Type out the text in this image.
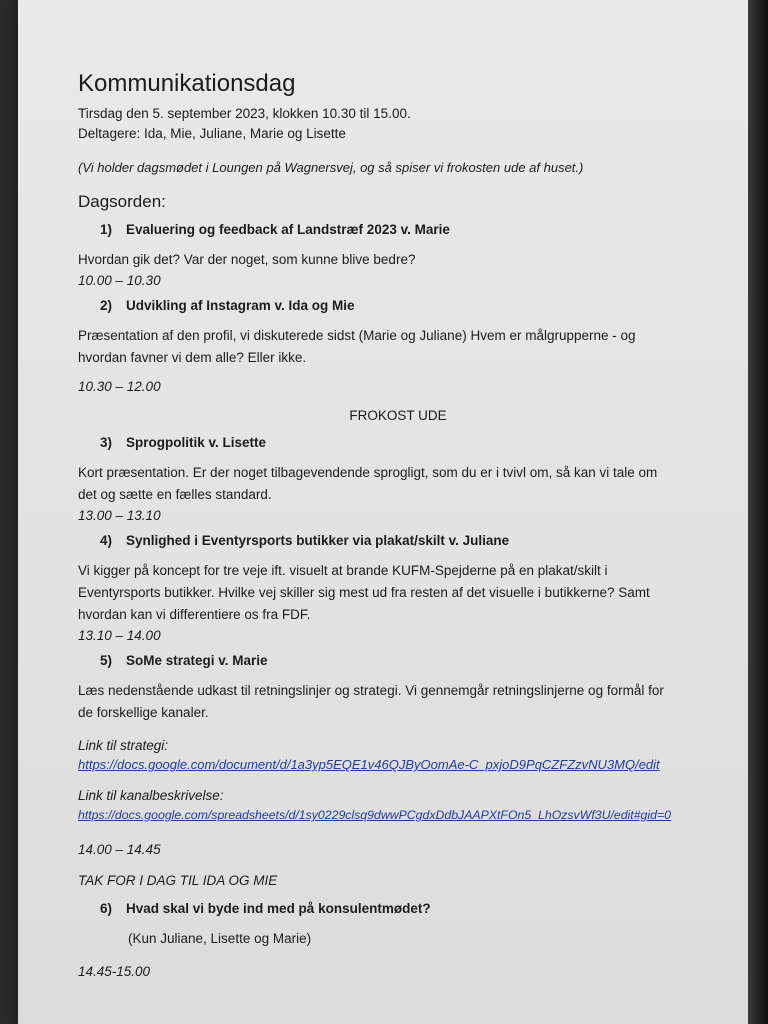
Kommunikationsdag
Tirsdag den 5. september 2023, klokken 10.30 til 15.00.
Deltagere: Ida, Mie, Juliane, Marie og Lisette
(Vi holder dagsmødet i Loungen på Wagnersvej, og så spiser vi frokosten ude af huset.)
Dagsorden:
1)	Evaluering og feedback af Landstræf 2023 v. Marie
Hvordan gik det? Var der noget, som kunne blive bedre?
10.00 – 10.30
2)	Udvikling af Instagram v. Ida og Mie
Præsentation af den profil, vi diskuterede sidst (Marie og Juliane) Hvem er målgrupperne - og hvordan favner vi dem alle? Eller ikke.
10.30 – 12.00
FROKOST UDE
3)	Sprogpolitik v. Lisette
Kort præsentation. Er der noget tilbagevendende sprogligt, som du er i tvivl om, så kan vi tale om det og sætte en fælles standard.
13.00 – 13.10
4)	Synlighed i Eventyrsports butikker via plakat/skilt v. Juliane
Vi kigger på koncept for tre veje ift. visuelt at brande KUFM-Spejderne på en plakat/skilt i Eventyrsports butikker. Hvilke vej skiller sig mest ud fra resten af det visuelle i butikkerne? Samt hvordan kan vi differentiere os fra FDF.
13.10 – 14.00
5)	SoMe strategi v. Marie
Læs nedenstående udkast til retningslinjer og strategi. Vi gennemgår retningslinjerne og formål for de forskellige kanaler.
Link til strategi:
https://docs.google.com/document/d/1a3yp5EQE1v46QJByOomAe-C_pxjoD9PqCZFZzvNU3MQ/edit
Link til kanalbeskrivelse:
https://docs.google.com/spreadsheets/d/1sy0229clsq9dwwPCgdxDdbJAAPXtFOn5_LhOzsvWf3U/edit#gid=0
14.00 – 14.45
TAK FOR I DAG TIL IDA OG MIE
6)	Hvad skal vi byde ind med på konsulentmødet?
(Kun Juliane, Lisette og Marie)
14.45-15.00
